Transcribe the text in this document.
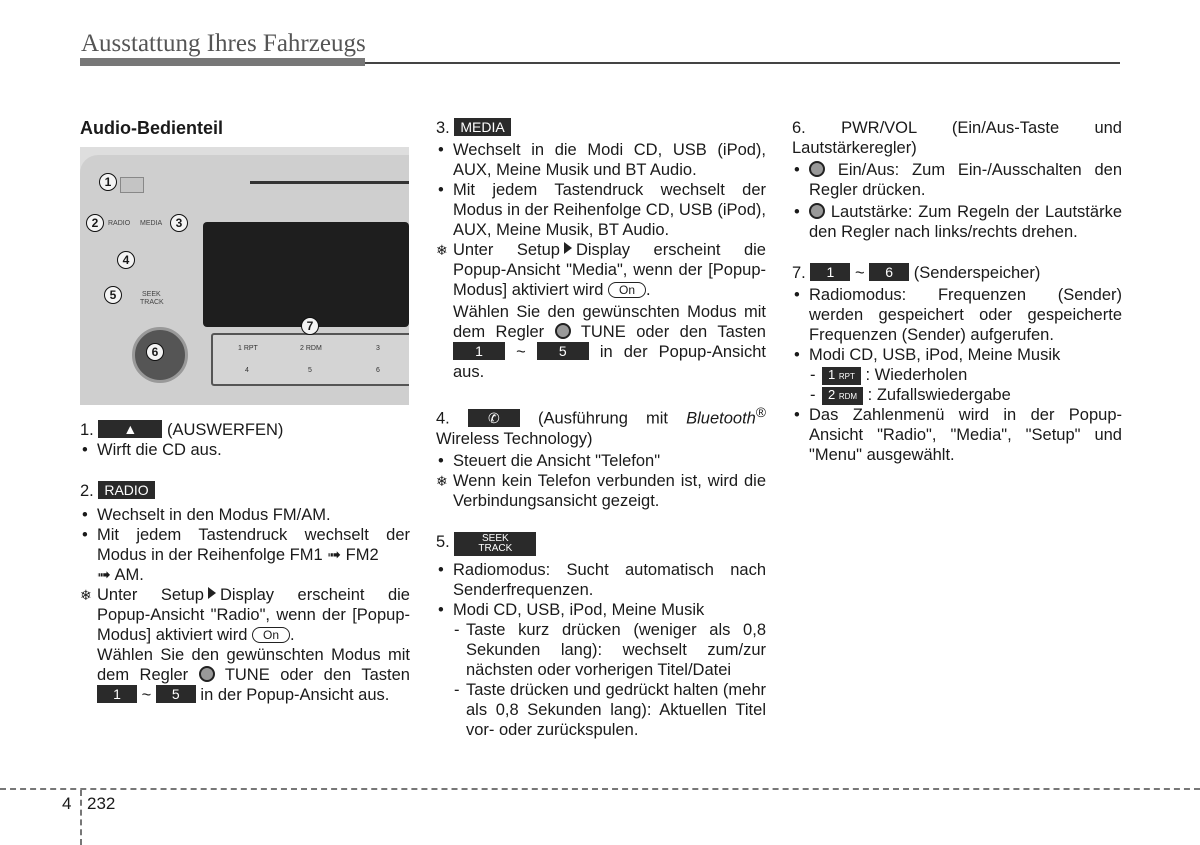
Ausstattung Ihres Fahrzeugs
Audio-Bedienteil
RADIO MEDIA
SEEK
TRACK
1 RPT	2 RDM	3
4	5	6
1
2	3
4
5
6
7
1. ▲ (AUSWERFEN)
• Wirft die CD aus.
2. RADIO
• Wechselt in den Modus FM/AM.
• Mit jedem Tastendruck wechselt der Modus in der Reihenfolge FM1 ➟ FM2
➟ AM.
❄ Unter Setup Display erscheint die Popup-Ansicht "Radio", wenn der [Popup-Modus] aktiviert wird On .
Wählen Sie den gewünschten Modus mit dem Regler TUNE oder den Tasten 1 ~ 5 in der Popup-Ansicht aus.
3. MEDIA
• Wechselt in die Modi CD, USB (iPod), AUX, Meine Musik und BT Audio.
• Mit jedem Tastendruck wechselt der Modus in der Reihenfolge CD, USB (iPod), AUX, Meine Musik, BT Audio.
❄ Unter Setup Display erscheint die Popup-Ansicht "Media", wenn der [Popup-Modus] aktiviert wird On .
Wählen Sie den gewünschten Modus mit dem Regler TUNE oder den Tasten 1 ~ 5 in der Popup-Ansicht aus.
4.	✆ (Ausführung mit Bluetooth® Wireless Technology)
• Steuert die Ansicht "Telefon"
❄ Wenn kein Telefon verbunden ist, wird die Verbindungsansicht gezeigt.
5.	SEEK
TRACK
• Radiomodus: Sucht automatisch nach Senderfrequenzen.
• Modi CD, USB, iPod, Meine Musik
- Taste kurz drücken (weniger als 0,8 Sekunden lang): wechselt zum/zur nächsten oder vorherigen Titel/Datei
- Taste drücken und gedrückt halten (mehr als 0,8 Sekunden lang): Aktuellen Titel vor- oder zurückspulen.
6. PWR/VOL (Ein/Aus-Taste und Lautstärkeregler)
• Ein/Aus: Zum Ein-/Ausschalten den Regler drücken.
• Lautstärke: Zum Regeln der Lautstärke den Regler nach links/rechts drehen.
7. 1 ~ 6 (Senderspeicher)
• Radiomodus: Frequenzen (Sender) werden gespeichert oder gespeicherte Frequenzen (Sender) aufgerufen.
• Modi CD, USB, iPod, Meine Musik
- 1 RPT : Wiederholen
- 2 RDM : Zufallswiedergabe
• Das Zahlenmenü wird in der Popup-Ansicht "Radio", "Media", "Setup" und "Menu" ausgewählt.
4 232
